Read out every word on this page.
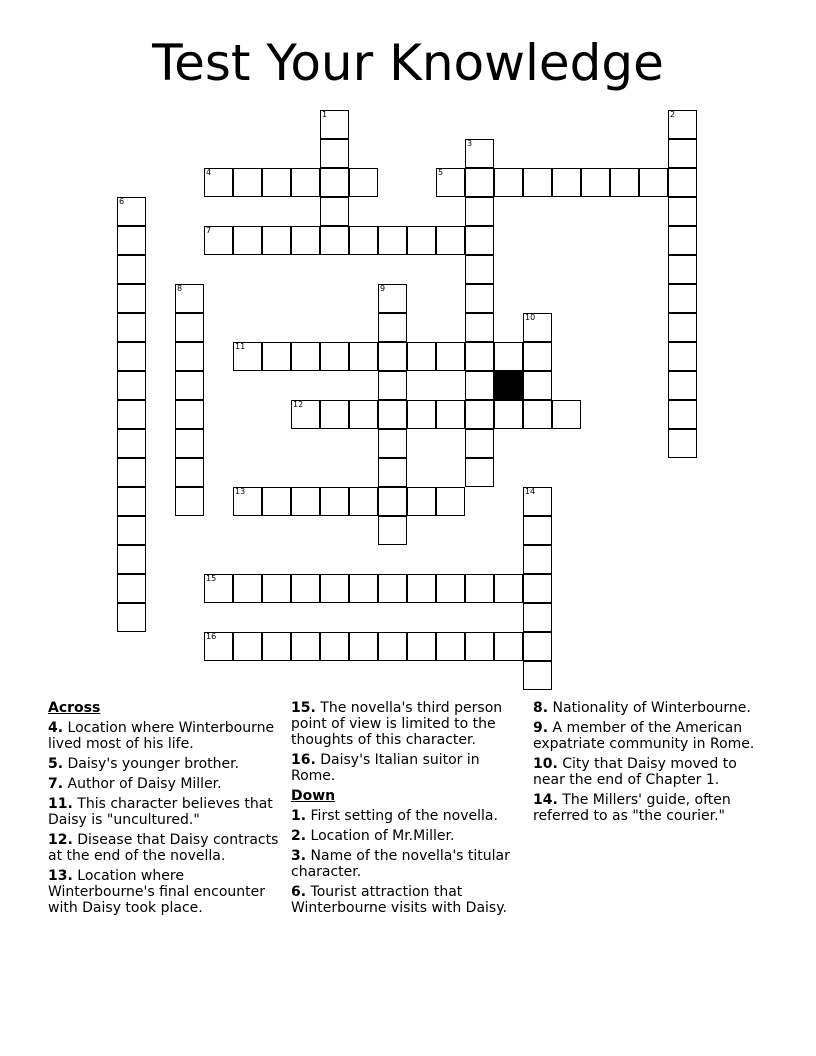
Test Your Knowledge
1	2
3
4	5
6
7
8	9
10
11
12
13	14
15
16
Across
4. Location where Winterbourne lived most of his life.
5. Daisy's younger brother.
7. Author of Daisy Miller.
11. This character believes that Daisy is "uncultured."
12. Disease that Daisy contracts at the end of the novella.
13. Location where Winterbourne's final encounter with Daisy took place.
15. The novella's third person point of view is limited to the thoughts of this character.
16. Daisy's Italian suitor in Rome.
Down
1. First setting of the novella.
2. Location of Mr.Miller.
3. Name of the novella's titular character.
6. Tourist attraction that Winterbourne visits with Daisy.
8. Nationality of Winterbourne.
9. A member of the American expatriate community in Rome.
10. City that Daisy moved to near the end of Chapter 1.
14. The Millers' guide, often referred to as "the courier."
